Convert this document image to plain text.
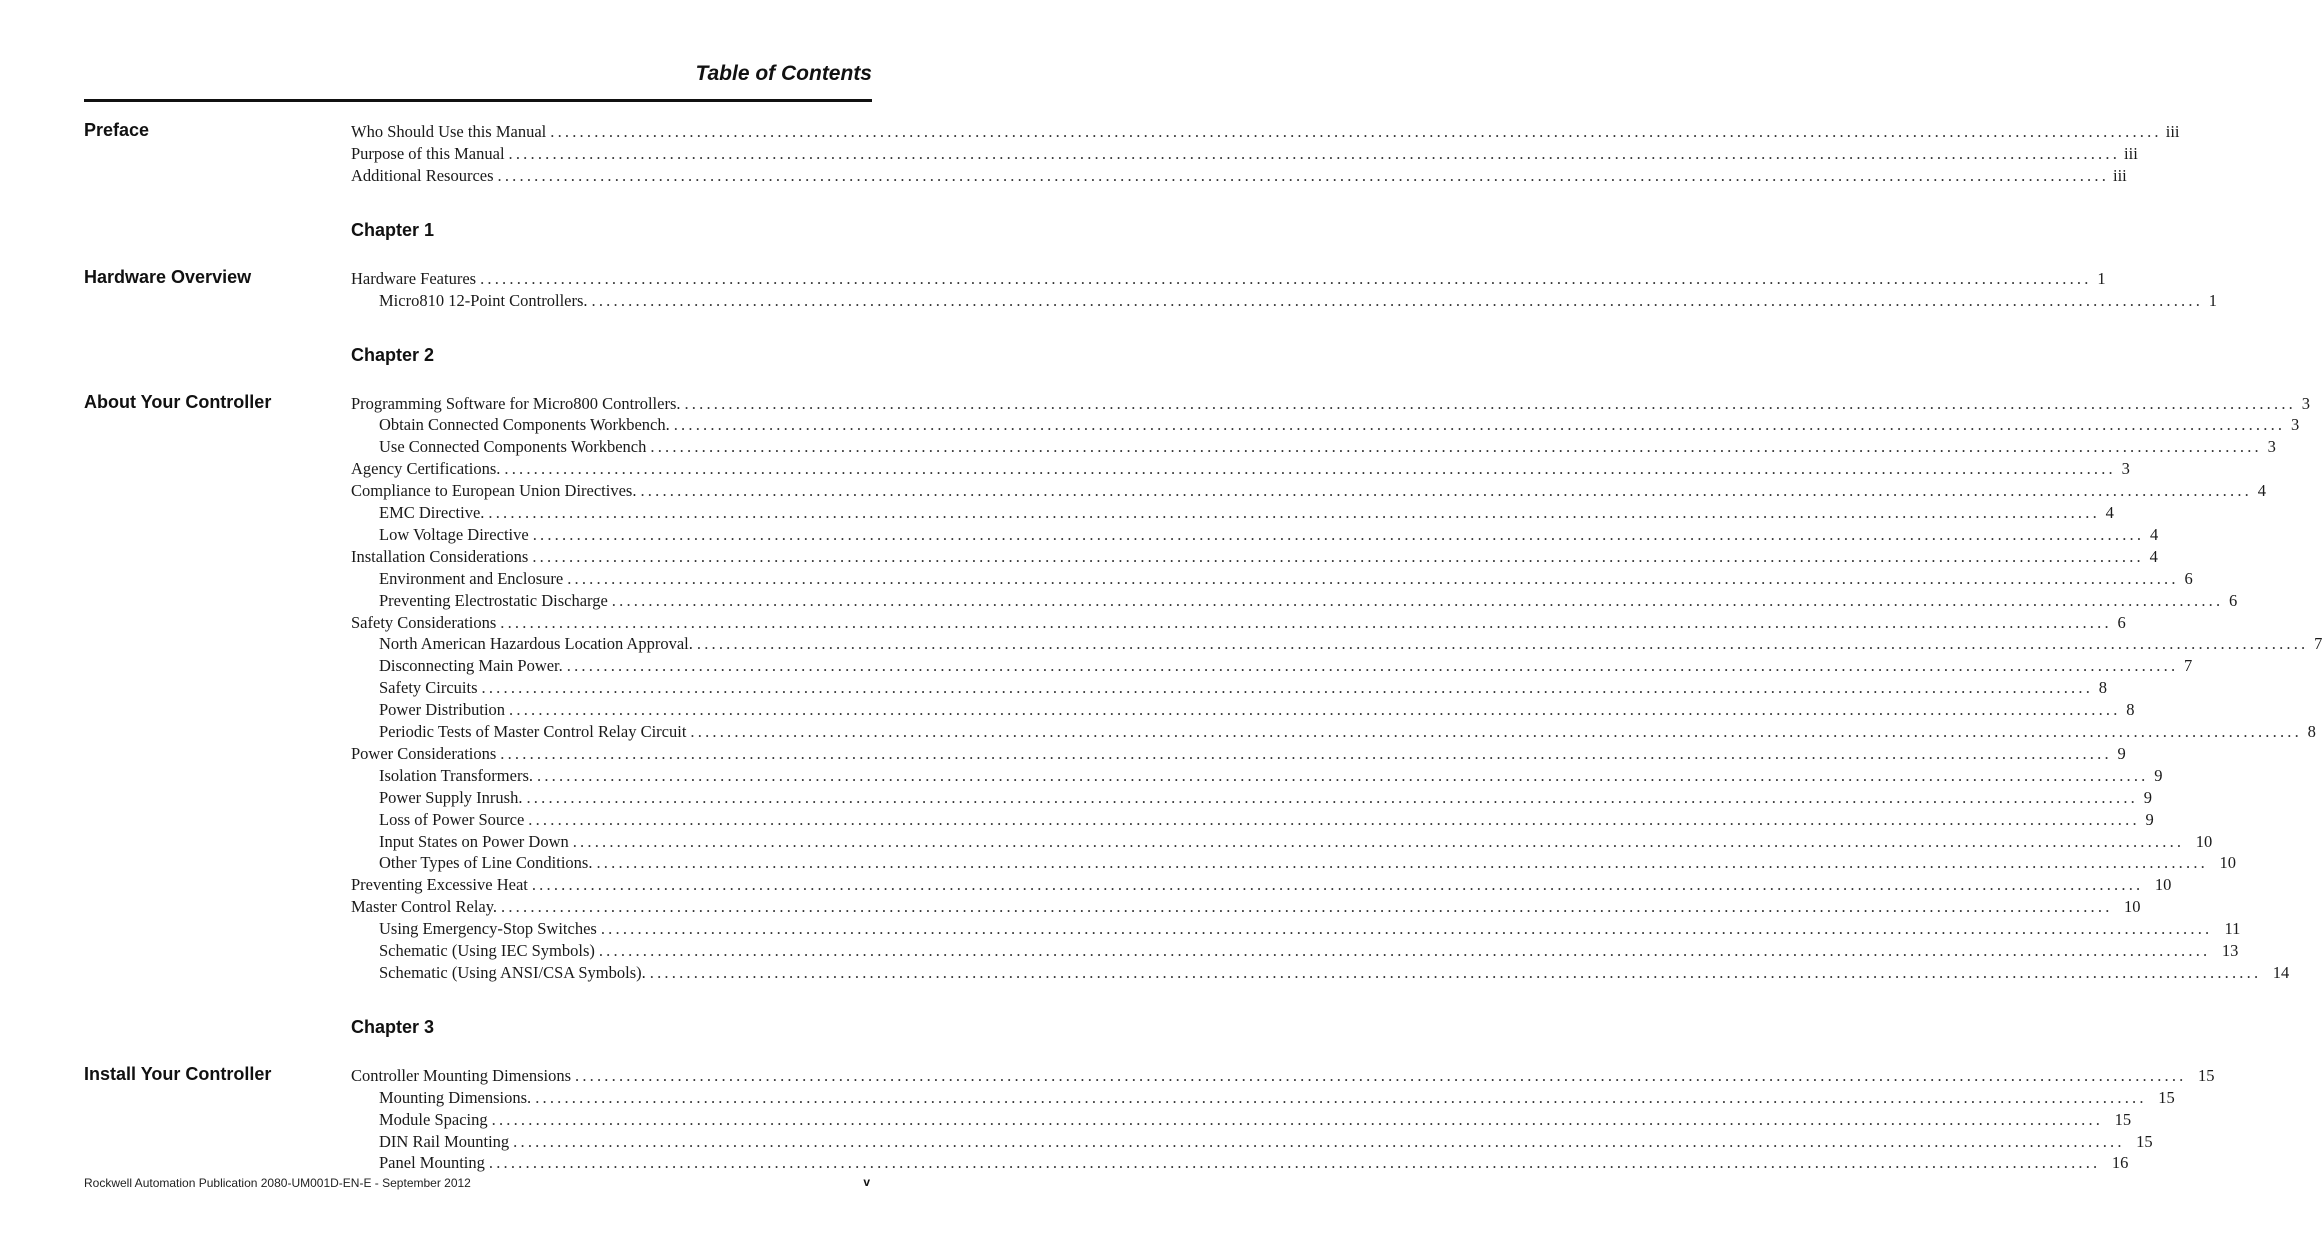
Table of Contents
Preface	Who Should Use this Manual ............................................................................................................................................................................................................................ iii
Purpose of this Manual ............................................................................................................................................................................................................................ iii
Additional Resources ............................................................................................................................................................................................................................ iii
Chapter 1
Hardware Overview	Hardware Features ............................................................................................................................................................................................................................ 1
Micro810 12-Point Controllers. ............................................................................................................................................................................................................................ 1
Chapter 2
About Your Controller	Programming Software for Micro800 Controllers. ............................................................................................................................................................................................................................ 3
Obtain Connected Components Workbench. ............................................................................................................................................................................................................................ 3
Use Connected Components Workbench ............................................................................................................................................................................................................................ 3
Agency Certifications. ............................................................................................................................................................................................................................ 3
Compliance to European Union Directives. ............................................................................................................................................................................................................................ 4
EMC Directive. ............................................................................................................................................................................................................................ 4
Low Voltage Directive ............................................................................................................................................................................................................................ 4
Installation Considerations ............................................................................................................................................................................................................................ 4
Environment and Enclosure ............................................................................................................................................................................................................................ 6
Preventing Electrostatic Discharge ............................................................................................................................................................................................................................ 6
Safety Considerations ............................................................................................................................................................................................................................ 6
North American Hazardous Location Approval. ............................................................................................................................................................................................................................ 7
Disconnecting Main Power. ............................................................................................................................................................................................................................ 7
Safety Circuits ............................................................................................................................................................................................................................ 8
Power Distribution ............................................................................................................................................................................................................................ 8
Periodic Tests of Master Control Relay Circuit ............................................................................................................................................................................................................................ 8
Power Considerations ............................................................................................................................................................................................................................ 9
Isolation Transformers. ............................................................................................................................................................................................................................ 9
Power Supply Inrush. ............................................................................................................................................................................................................................ 9
Loss of Power Source ............................................................................................................................................................................................................................ 9
Input States on Power Down ............................................................................................................................................................................................................................ 10
Other Types of Line Conditions. ............................................................................................................................................................................................................................ 10
Preventing Excessive Heat ............................................................................................................................................................................................................................ 10
Master Control Relay. ............................................................................................................................................................................................................................ 10
Using Emergency-Stop Switches ............................................................................................................................................................................................................................ 11
Schematic (Using IEC Symbols) ............................................................................................................................................................................................................................ 13
Schematic (Using ANSI/CSA Symbols). ............................................................................................................................................................................................................................ 14
Chapter 3
Install Your Controller	Controller Mounting Dimensions ............................................................................................................................................................................................................................ 15
Mounting Dimensions. ............................................................................................................................................................................................................................ 15
Module Spacing ............................................................................................................................................................................................................................ 15
DIN Rail Mounting ............................................................................................................................................................................................................................ 15
Panel Mounting ............................................................................................................................................................................................................................ 16
Rockwell Automation Publication 2080-UM001D-EN-E - September 2012	v
